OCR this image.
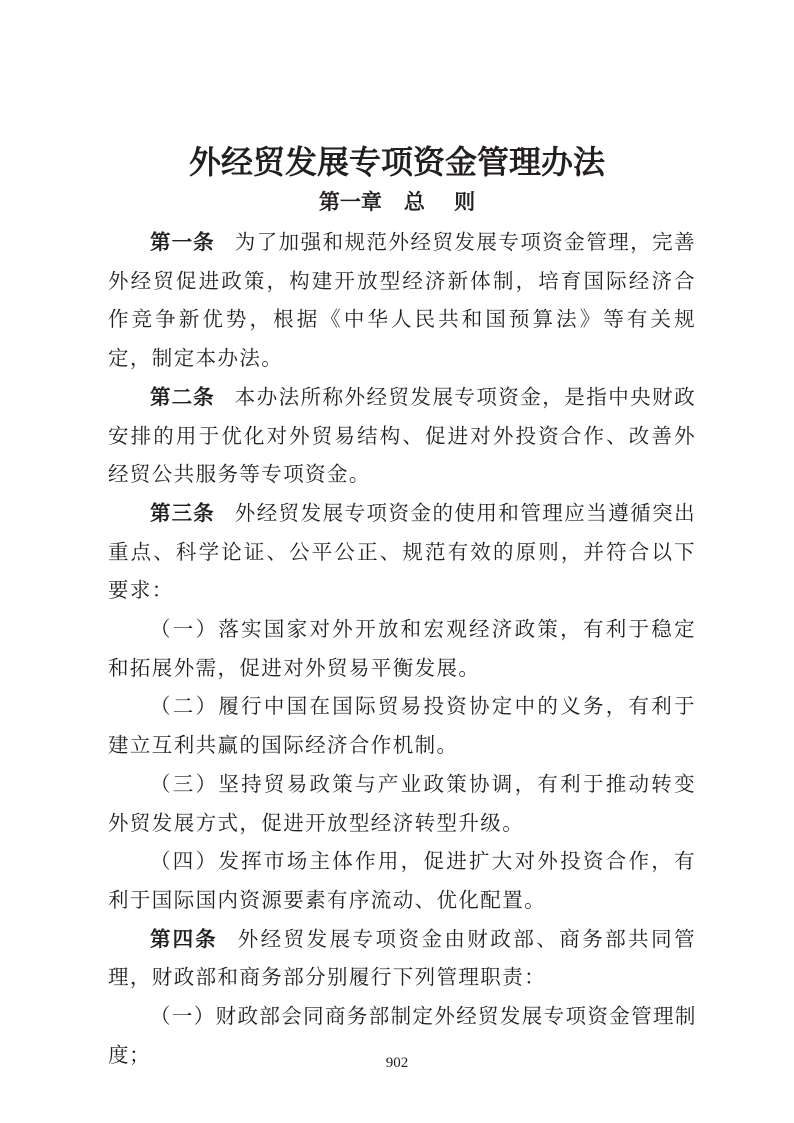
外经贸发展专项资金管理办法
第一章   总    则

第一条 为了加强和规范外经贸发展专项资金管理，完善外经贸促进政策，构建开放型经济新体制，培育国际经济合作竞争新优势，根据《中华人民共和国预算法》等有关规定，制定本办法。

第二条 本办法所称外经贸发展专项资金，是指中央财政安排的用于优化对外贸易结构、促进对外投资合作、改善外经贸公共服务等专项资金。

第三条 外经贸发展专项资金的使用和管理应当遵循突出重点、科学论证、公平公正、规范有效的原则，并符合以下要求：

（一）落实国家对外开放和宏观经济政策，有利于稳定和拓展外需，促进对外贸易平衡发展。

（二）履行中国在国际贸易投资协定中的义务，有利于建立互利共赢的国际经济合作机制。

（三）坚持贸易政策与产业政策协调，有利于推动转变外贸发展方式，促进开放型经济转型升级。

（四）发挥市场主体作用，促进扩大对外投资合作，有利于国际国内资源要素有序流动、优化配置。

第四条 外经贸发展专项资金由财政部、商务部共同管理，财政部和商务部分别履行下列管理职责：

（一）财政部会同商务部制定外经贸发展专项资金管理制度；	902
